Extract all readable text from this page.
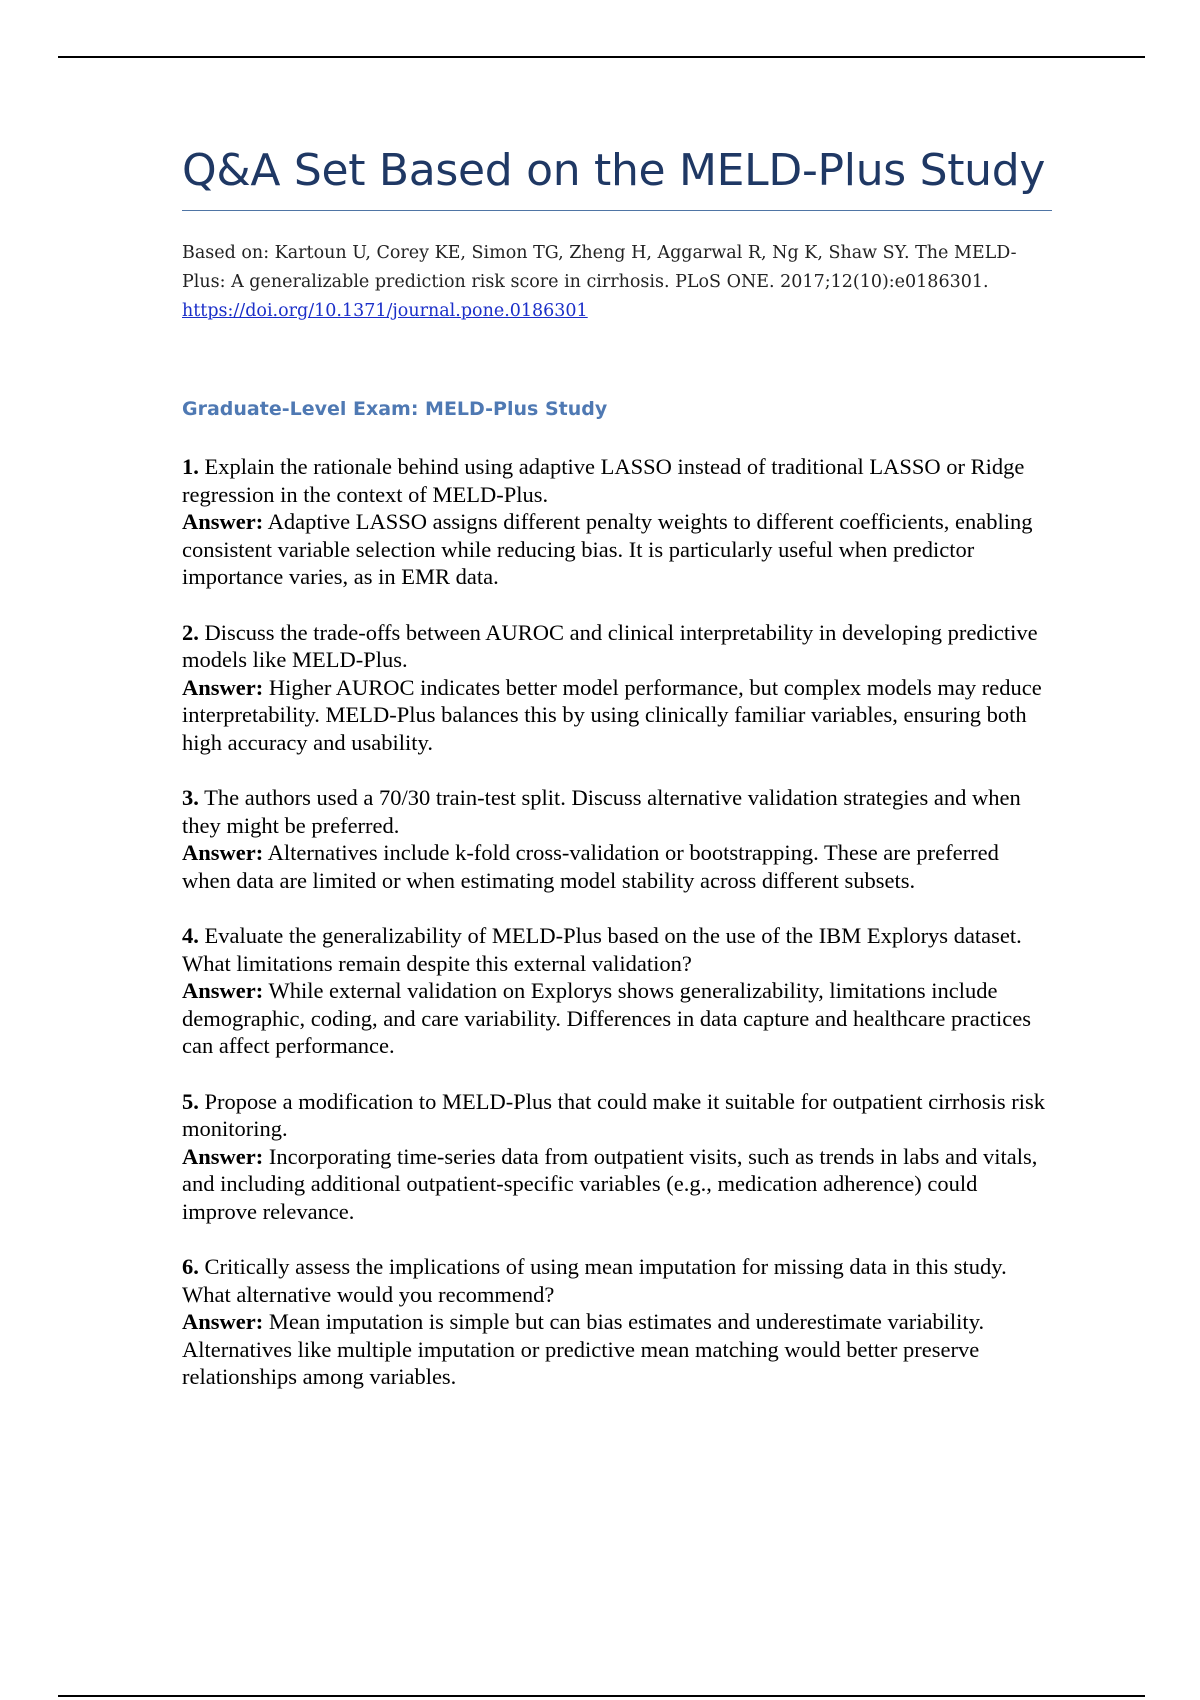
Q&A Set Based on the MELD-Plus Study
Based on: Kartoun U, Corey KE, Simon TG, Zheng H, Aggarwal R, Ng K, Shaw SY. The MELD-Plus: A generalizable prediction risk score in cirrhosis. PLoS ONE. 2017;12(10):e0186301.
https://doi.org/10.1371/journal.pone.0186301
Graduate-Level Exam: MELD-Plus Study

1. Explain the rationale behind using adaptive LASSO instead of traditional LASSO or Ridge regression in the context of MELD-Plus.

Answer: Adaptive LASSO assigns different penalty weights to different coefficients, enabling consistent variable selection while reducing bias. It is particularly useful when predictor importance varies, as in EMR data.

2. Discuss the trade-offs between AUROC and clinical interpretability in developing predictive models like MELD-Plus.

Answer: Higher AUROC indicates better model performance, but complex models may reduce interpretability. MELD-Plus balances this by using clinically familiar variables, ensuring both high accuracy and usability.

3. The authors used a 70/30 train-test split. Discuss alternative validation strategies and when they might be preferred.

Answer: Alternatives include k-fold cross-validation or bootstrapping. These are preferred when data are limited or when estimating model stability across different subsets.

4. Evaluate the generalizability of MELD-Plus based on the use of the IBM Explorys dataset. What limitations remain despite this external validation?

Answer: While external validation on Explorys shows generalizability, limitations include demographic, coding, and care variability. Differences in data capture and healthcare practices can affect performance.

5. Propose a modification to MELD-Plus that could make it suitable for outpatient cirrhosis risk monitoring.

Answer: Incorporating time-series data from outpatient visits, such as trends in labs and vitals, and including additional outpatient-specific variables (e.g., medication adherence) could improve relevance.

6. Critically assess the implications of using mean imputation for missing data in this study. What alternative would you recommend?

Answer: Mean imputation is simple but can bias estimates and underestimate variability. Alternatives like multiple imputation or predictive mean matching would better preserve relationships among variables.
